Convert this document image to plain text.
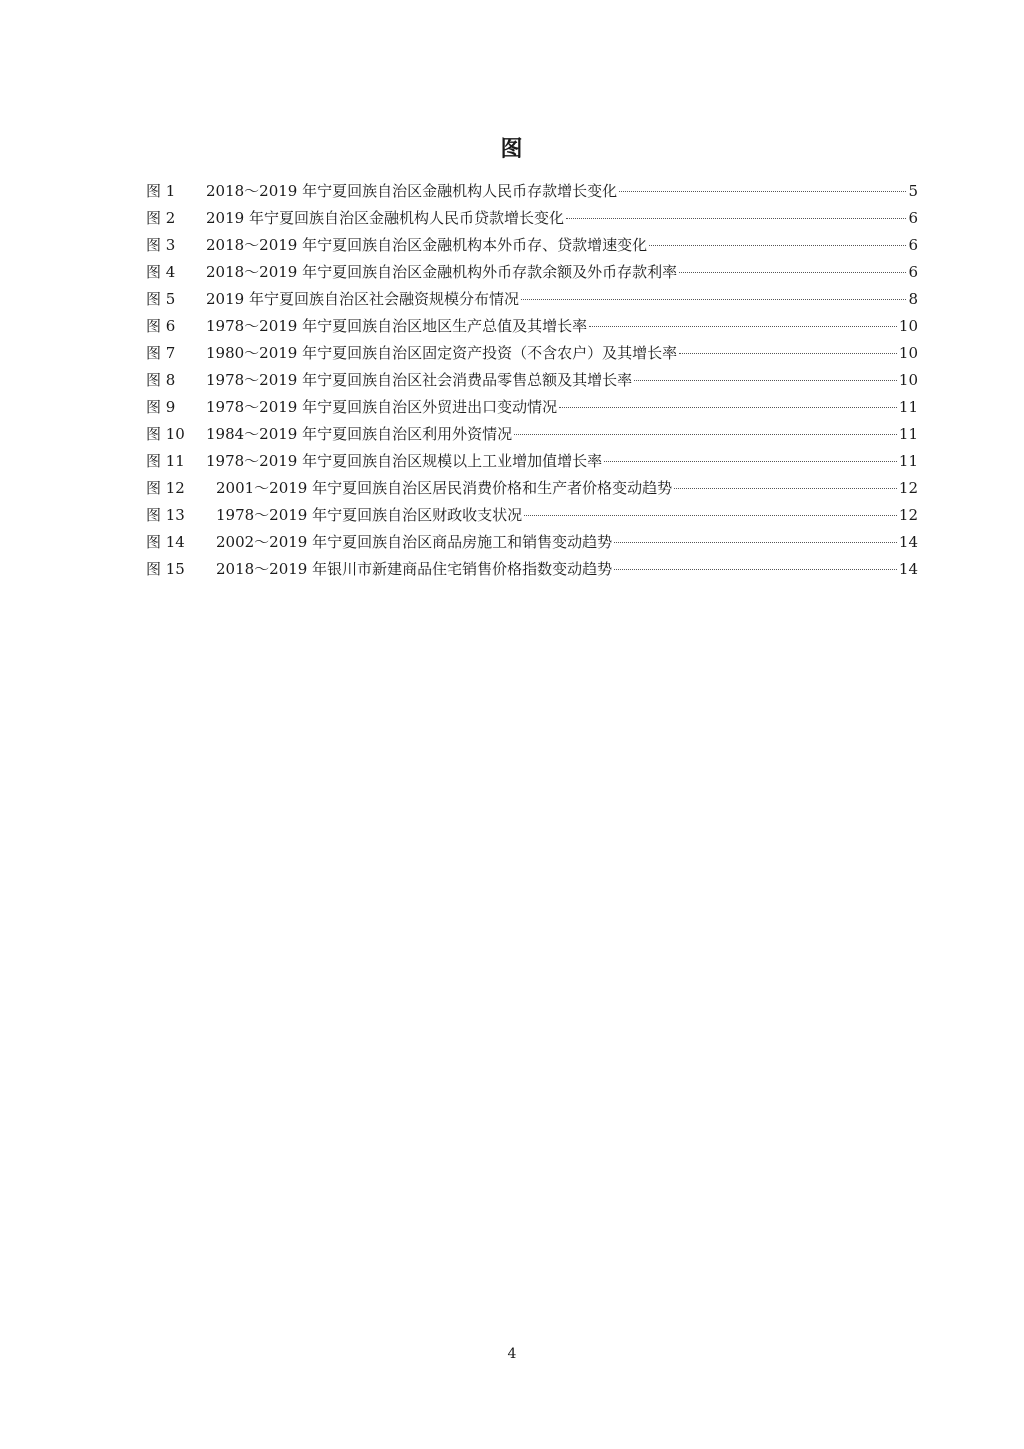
图
图 1	2018～2019 年宁夏回族自治区金融机构人民币存款增长变化	5
图 2	2019 年宁夏回族自治区金融机构人民币贷款增长变化	6
图 3	2018～2019 年宁夏回族自治区金融机构本外币存、贷款增速变化	6
图 4	2018～2019 年宁夏回族自治区金融机构外币存款余额及外币存款利率	6
图 5	2019 年宁夏回族自治区社会融资规模分布情况	8
图 6	1978～2019 年宁夏回族自治区地区生产总值及其增长率	10
图 7	1980～2019 年宁夏回族自治区固定资产投资（不含农户）及其增长率	10
图 8	1978～2019 年宁夏回族自治区社会消费品零售总额及其增长率	10
图 9	1978～2019 年宁夏回族自治区外贸进出口变动情况	11
图 10	1984～2019 年宁夏回族自治区利用外资情况	11
图 11	1978～2019 年宁夏回族自治区规模以上工业增加值增长率	11
图 12	2001～2019 年宁夏回族自治区居民消费价格和生产者价格变动趋势	12
图 13	1978～2019 年宁夏回族自治区财政收支状况	12
图 14	2002～2019 年宁夏回族自治区商品房施工和销售变动趋势	14
图 15	2018～2019 年银川市新建商品住宅销售价格指数变动趋势	14
4
